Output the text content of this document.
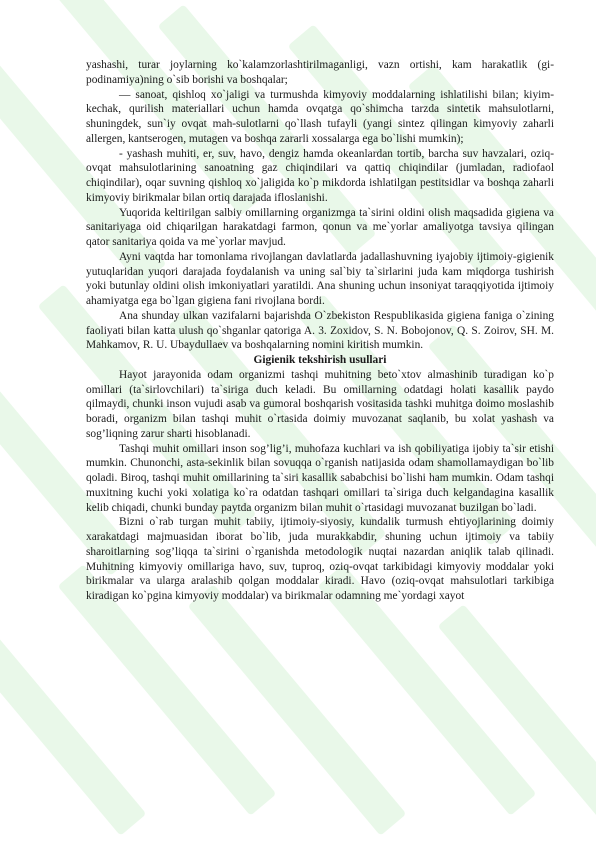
yashashi, turar joylarning ko`kalamzorlashtirilmaganligi, vazn ortishi, kam harakatlik (gi-podinamiya)ning o`sib borishi va boshqalar;

— sanoat, qishloq xo`jaligi va turmushda kimyoviy moddalarning ishlatilishi bilan; kiyim-kechak, qurilish materiallari uchun hamda ovqatga qo`shimcha tarzda sintetik mahsulotlarni, shuningdek, sun`iy ovqat mah-sulotlarni qo`llash tufayli (yangi sintez qilingan kimyoviy zaharli allergen, kantserogen, mutagen va boshqa zararli xossalarga ega bo`lishi mumkin);

- yashash muhiti, er, suv, havo, dengiz hamda okeanlardan tortib, barcha suv havzalari, oziq-ovqat mahsulotlarining sanoatning gaz chiqindilari va qattiq chiqindilar (jumladan, radiofaol chiqindilar), oqar suvning qishloq xo`jaligida ko`p mikdorda ishlatilgan pestitsidlar va boshqa zaharli kimyoviy birikmalar bilan ortiq darajada ifloslanishi.

Yuqorida keltirilgan salbiy omillarning organizmga ta`sirini oldini olish maqsadida gigiena va sanitariyaga oid chiqarilgan harakatdagi farmon, qonun va me`yorlar amaliyotga tavsiya qilingan qator sanitariya qoida va me`yorlar mavjud.

Ayni vaqtda har tomonlama rivojlangan davlatlarda jadallashuvning iyajobiy ijtimoiy-gigienik yutuqlaridan yuqori darajada foydalanish va uning sal`biy ta`sirlarini juda kam miqdorga tushirish yoki butunlay oldini olish imkoniyatlari yaratildi. Ana shuning uchun insoniyat taraqqiyotida ijtimoiy ahamiyatga ega bo`lgan gigiena fani rivojlana bordi.

Ana shunday ulkan vazifalarni bajarishda O`zbekiston Respublikasida gigiena faniga o`zining faoliyati bilan katta ulush qo`shganlar qatoriga A. 3. Zoxidov, S. N. Bobojonov, Q. S. Zoirov, SH. M. Mahkamov, R. U. Ubaydullaev va boshqalarning nomini kiritish mumkin.

Gigienik tekshirish usullari

Hayot jarayonida odam organizmi tashqi muhitning beto`xtov almashinib turadigan ko`p omillari (ta`sirlovchilari) ta`siriga duch keladi. Bu omillarning odatdagi holati kasallik paydo qilmaydi, chunki inson vujudi asab va gumoral boshqarish vositasida tashki muhitga doimo moslashib boradi, organizm bilan tashqi muhit o`rtasida doimiy muvozanat saqlanib, bu xolat yashash va sog’liqning zarur sharti hisoblanadi.

Tashqi muhit omillari inson sog’lig’i, muhofaza kuchlari va ish qobiliyatiga ijobiy ta`sir etishi mumkin. Chunonchi, asta-sekinlik bilan sovuqqa o`rganish natijasida odam shamollamaydigan bo`lib qoladi. Biroq, tashqi muhit omillarining ta`siri kasallik sababchisi bo`lishi ham mumkin. Odam tashqi muxitning kuchi yoki xolatiga ko`ra odatdan tashqari omillari ta`siriga duch kelgandagina kasallik kelib chiqadi, chunki bunday paytda organizm bilan muhit o`rtasidagi muvozanat buzilgan bo`ladi.

Bizni o`rab turgan muhit tabiiy, ijtimoiy-siyosiy, kundalik turmush ehtiyojlarining doimiy xarakatdagi majmuasidan iborat bo`lib, juda murakkabdir, shuning uchun ijtimoiy va tabiiy sharoitlarning sog’liqqa ta`sirini o`rganishda metodologik nuqtai nazardan aniqlik talab qilinadi. Muhitning kimyoviy omillariga havo, suv, tuproq, oziq-ovqat tarkibidagi kimyoviy moddalar yoki birikmalar va ularga aralashib qolgan moddalar kiradi. Havo (oziq-ovqat mahsulotlari tarkibiga kiradigan ko`pgina kimyoviy moddalar) va birikmalar odamning me`yordagi xayot
